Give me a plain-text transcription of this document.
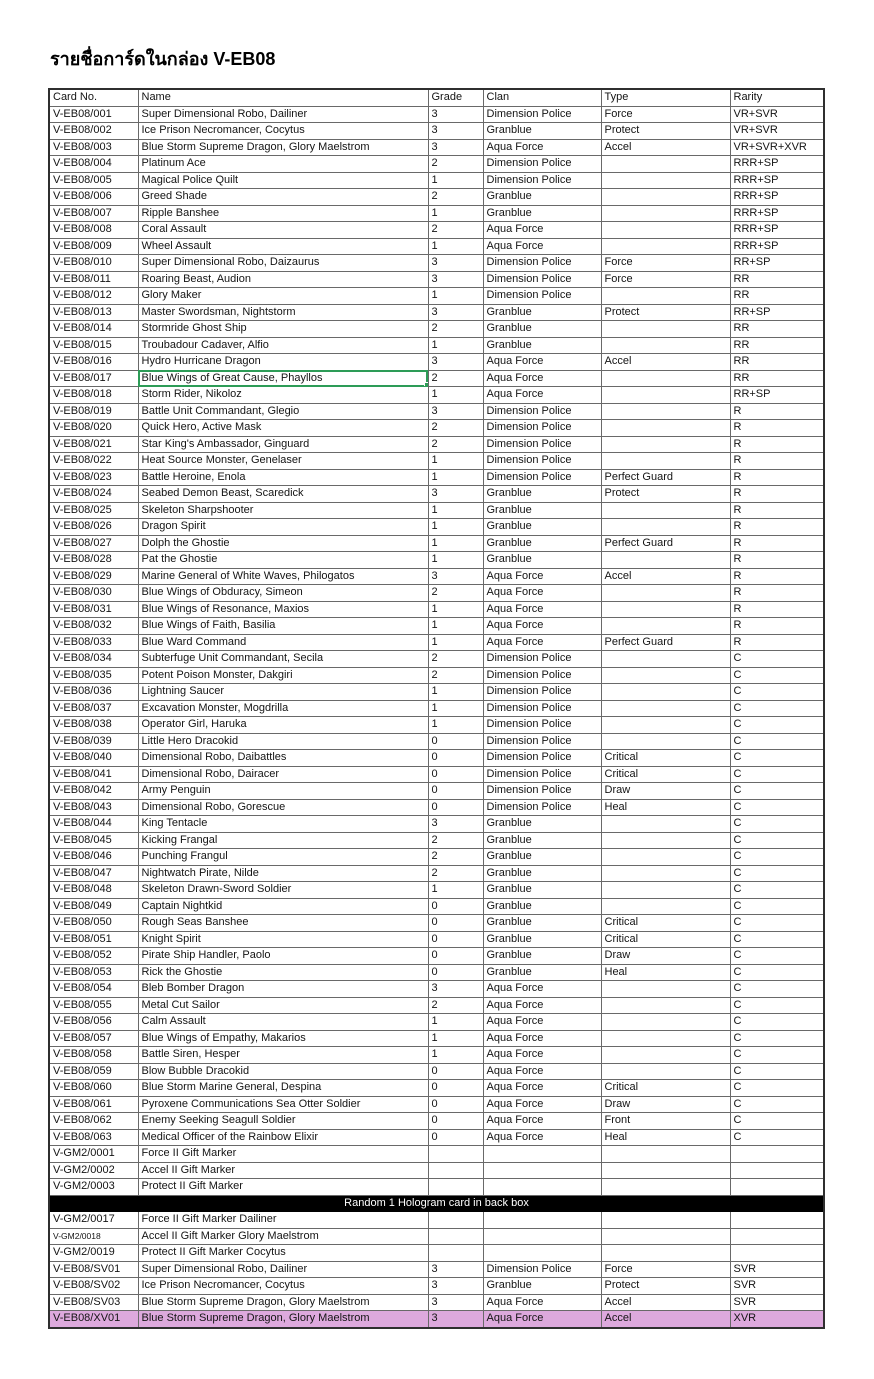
รายชื่อการ์ดในกล่อง V-EB08
Card No.	Name	Grade	Clan	Type	Rarity
V-EB08/001	Super Dimensional Robo, Dailiner	3	Dimension Police	Force	VR+SVR
V-EB08/002	Ice Prison Necromancer, Cocytus	3	Granblue	Protect	VR+SVR
V-EB08/003	Blue Storm Supreme Dragon, Glory Maelstrom	3	Aqua Force	Accel	VR+SVR+XVR
V-EB08/004	Platinum Ace	2	Dimension Police		RRR+SP
V-EB08/005	Magical Police Quilt	1	Dimension Police		RRR+SP
V-EB08/006	Greed Shade	2	Granblue		RRR+SP
V-EB08/007	Ripple Banshee	1	Granblue		RRR+SP
V-EB08/008	Coral Assault	2	Aqua Force		RRR+SP
V-EB08/009	Wheel Assault	1	Aqua Force		RRR+SP
V-EB08/010	Super Dimensional Robo, Daizaurus	3	Dimension Police	Force	RR+SP
V-EB08/011	Roaring Beast, Audion	3	Dimension Police	Force	RR
V-EB08/012	Glory Maker	1	Dimension Police		RR
V-EB08/013	Master Swordsman, Nightstorm	3	Granblue	Protect	RR+SP
V-EB08/014	Stormride Ghost Ship	2	Granblue		RR
V-EB08/015	Troubadour Cadaver, Alfio	1	Granblue		RR
V-EB08/016	Hydro Hurricane Dragon	3	Aqua Force	Accel	RR
V-EB08/017	Blue Wings of Great Cause, Phayllos	2	Aqua Force		RR
V-EB08/018	Storm Rider, Nikoloz	1	Aqua Force		RR+SP
V-EB08/019	Battle Unit Commandant, Glegio	3	Dimension Police		R
V-EB08/020	Quick Hero, Active Mask	2	Dimension Police		R
V-EB08/021	Star King's Ambassador, Ginguard	2	Dimension Police		R
V-EB08/022	Heat Source Monster, Genelaser	1	Dimension Police		R
V-EB08/023	Battle Heroine, Enola	1	Dimension Police	Perfect Guard	R
V-EB08/024	Seabed Demon Beast, Scaredick	3	Granblue	Protect	R
V-EB08/025	Skeleton Sharpshooter	1	Granblue		R
V-EB08/026	Dragon Spirit	1	Granblue		R
V-EB08/027	Dolph the Ghostie	1	Granblue	Perfect Guard	R
V-EB08/028	Pat the Ghostie	1	Granblue		R
V-EB08/029	Marine General of White Waves, Philogatos	3	Aqua Force	Accel	R
V-EB08/030	Blue Wings of Obduracy, Simeon	2	Aqua Force		R
V-EB08/031	Blue Wings of Resonance, Maxios	1	Aqua Force		R
V-EB08/032	Blue Wings of Faith, Basilia	1	Aqua Force		R
V-EB08/033	Blue Ward Command	1	Aqua Force	Perfect Guard	R
V-EB08/034	Subterfuge Unit Commandant, Secila	2	Dimension Police		C
V-EB08/035	Potent Poison Monster, Dakgiri	2	Dimension Police		C
V-EB08/036	Lightning Saucer	1	Dimension Police		C
V-EB08/037	Excavation Monster, Mogdrilla	1	Dimension Police		C
V-EB08/038	Operator Girl, Haruka	1	Dimension Police		C
V-EB08/039	Little Hero Dracokid	0	Dimension Police		C
V-EB08/040	Dimensional Robo, Daibattles	0	Dimension Police	Critical	C
V-EB08/041	Dimensional Robo, Dairacer	0	Dimension Police	Critical	C
V-EB08/042	Army Penguin	0	Dimension Police	Draw	C
V-EB08/043	Dimensional Robo, Gorescue	0	Dimension Police	Heal	C
V-EB08/044	King Tentacle	3	Granblue		C
V-EB08/045	Kicking Frangal	2	Granblue		C
V-EB08/046	Punching Frangul	2	Granblue		C
V-EB08/047	Nightwatch Pirate, Nilde	2	Granblue		C
V-EB08/048	Skeleton Drawn-Sword Soldier	1	Granblue		C
V-EB08/049	Captain Nightkid	0	Granblue		C
V-EB08/050	Rough Seas Banshee	0	Granblue	Critical	C
V-EB08/051	Knight Spirit	0	Granblue	Critical	C
V-EB08/052	Pirate Ship Handler, Paolo	0	Granblue	Draw	C
V-EB08/053	Rick the Ghostie	0	Granblue	Heal	C
V-EB08/054	Bleb Bomber Dragon	3	Aqua Force		C
V-EB08/055	Metal Cut Sailor	2	Aqua Force		C
V-EB08/056	Calm Assault	1	Aqua Force		C
V-EB08/057	Blue Wings of Empathy, Makarios	1	Aqua Force		C
V-EB08/058	Battle Siren, Hesper	1	Aqua Force		C
V-EB08/059	Blow Bubble Dracokid	0	Aqua Force		C
V-EB08/060	Blue Storm Marine General, Despina	0	Aqua Force	Critical	C
V-EB08/061	Pyroxene Communications Sea Otter Soldier	0	Aqua Force	Draw	C
V-EB08/062	Enemy Seeking Seagull Soldier	0	Aqua Force	Front	C
V-EB08/063	Medical Officer of the Rainbow Elixir	0	Aqua Force	Heal	C
V-GM2/0001	Force II Gift Marker				
V-GM2/0002	Accel II Gift Marker				
V-GM2/0003	Protect II Gift Marker				
Random 1 Hologram card in back box					
V-GM2/0017	Force II Gift Marker Dailiner				
V-GM2/0018	Accel II Gift Marker Glory Maelstrom				
V-GM2/0019	Protect II Gift Marker Cocytus				
V-EB08/SV01	Super Dimensional Robo, Dailiner	3	Dimension Police	Force	SVR
V-EB08/SV02	Ice Prison Necromancer, Cocytus	3	Granblue	Protect	SVR
V-EB08/SV03	Blue Storm Supreme Dragon, Glory Maelstrom	3	Aqua Force	Accel	SVR
V-EB08/XV01	Blue Storm Supreme Dragon, Glory Maelstrom	3	Aqua Force	Accel	XVR
